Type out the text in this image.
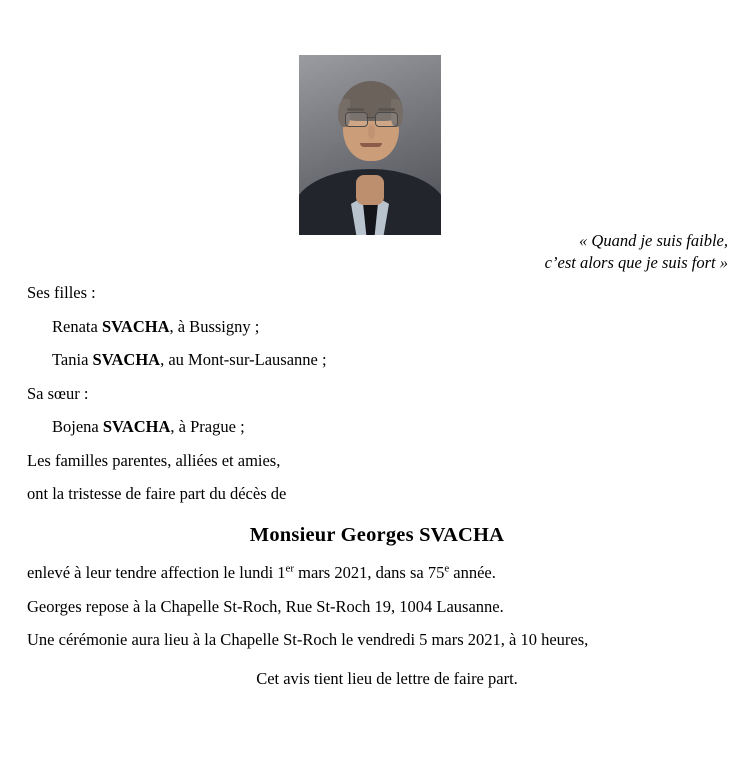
« Quand je suis faible,
c’est alors que je suis fort »

Ses filles :

Renata SVACHA, à Bussigny ;

Tania SVACHA, au Mont-sur-Lausanne ;

Sa sœur :

Bojena SVACHA, à Prague ;

Les familles parentes, alliées et amies,

ont la tristesse de faire part du décès de

Monsieur Georges SVACHA

enlevé à leur tendre affection le lundi 1er mars 2021, dans sa 75e année.

Georges repose à la Chapelle St-Roch, Rue St-Roch 19, 1004 Lausanne.

Une cérémonie aura lieu à la Chapelle St-Roch le vendredi 5 mars 2021, à 10 heures,

Cet avis tient lieu de lettre de faire part.
